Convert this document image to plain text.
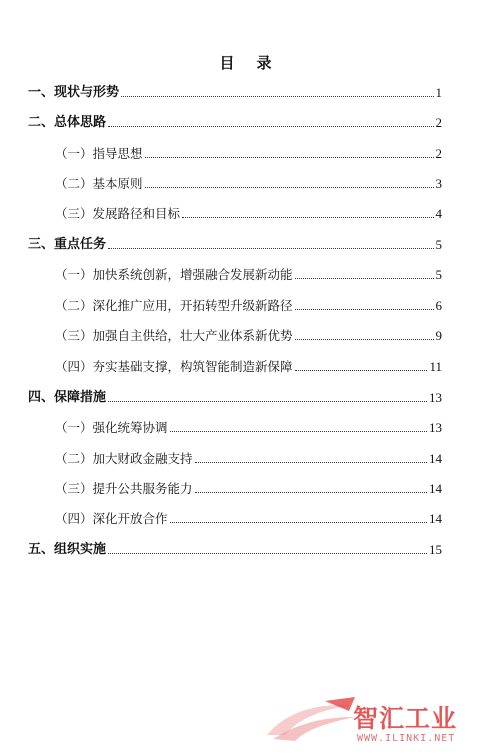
目 录
一、现状与形势	1
二、总体思路	2
（一）指导思想	2
（二）基本原则	3
（三）发展路径和目标	4
三、重点任务	5
（一）加快系统创新，增强融合发展新动能	5
（二）深化推广应用，开拓转型升级新路径	6
（三）加强自主供给，壮大产业体系新优势	9
（四）夯实基础支撑，构筑智能制造新保障	11
四、保障措施	13
（一）强化统筹协调	13
（二）加大财政金融支持	14
（三）提升公共服务能力	14
（四）深化开放合作	14
五、组织实施	15
智汇工业
WWW.ILINKI.NET
